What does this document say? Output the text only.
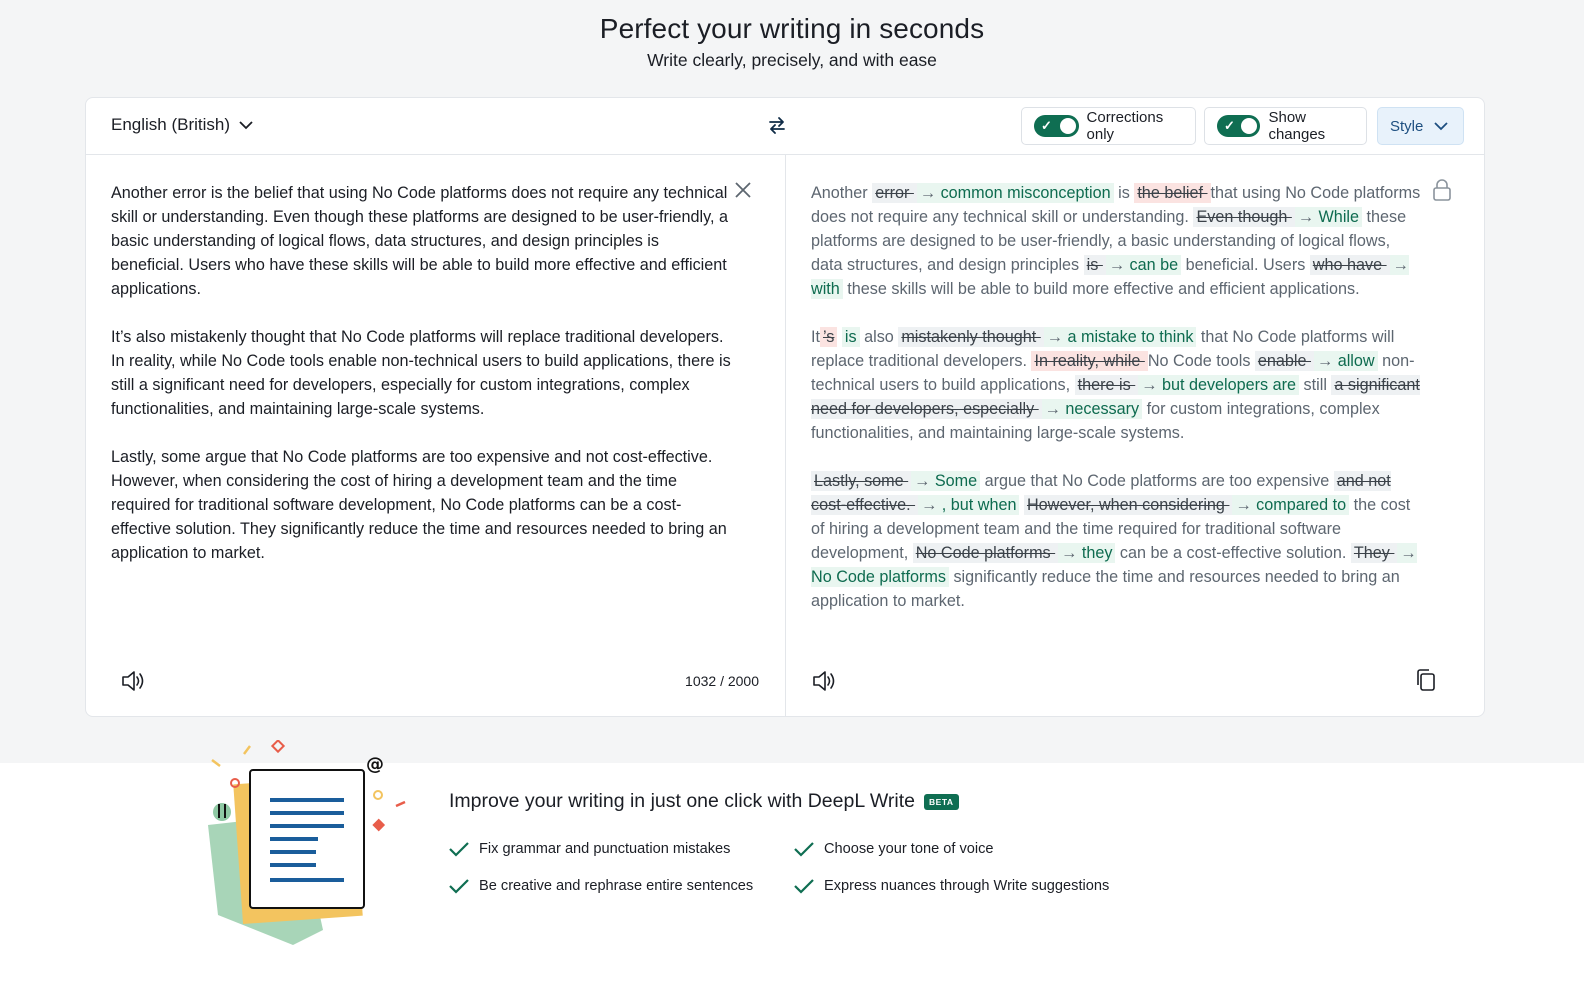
Perfect your writing in seconds
Write clearly, precisely, and with ease
English (British)	✓ Corrections only
✓ Show changes	Style

Another error is the belief that using No Code platforms does not require any technical skill or understanding. Even though these platforms are designed to be user-friendly, a basic understanding of logical flows, data structures, and design principles is beneficial. Users who have these skills will be able to build more effective and efficient applications.

It’s also mistakenly thought that No Code platforms will replace traditional developers. In reality, while No Code tools enable non-technical users to build applications, there is still a significant need for developers, especially for custom integrations, complex functionalities, and maintaining large-scale systems.

Lastly, some argue that No Code platforms are too expensive and not cost-effective. However, when considering the cost of hiring a development team and the time required for traditional software development, No Code platforms can be a cost-effective solution. They significantly reduce the time and resources needed to bring an application to market.

1032 / 2000

Another error → common misconception is the belief that using No Code platforms does not require any technical skill or understanding. Even though → While these platforms are designed to be user-friendly, a basic understanding of logical flows, data structures, and design principles is → can be beneficial. Users who have → with these skills will be able to build more effective and efficient applications.

It ’s is also mistakenly thought → a mistake to think that No Code platforms will replace traditional developers. In reality, while No Code tools enable → allow non-technical users to build applications, there is → but developers are still a significant need for developers, especially → necessary for custom integrations, complex functionalities, and maintaining large-scale systems.

Lastly, some → Some argue that No Code platforms are too expensive and not cost-effective. → , but when However, when considering → compared to the cost of hiring a development team and the time required for traditional software development, No Code platforms → they can be a cost-effective solution. They → No Code platforms significantly reduce the time and resources needed to bring an application to market.

@
Improve your writing in just one click with DeepL Write	BETA
Fix grammar and punctuation mistakes
Be creative and rephrase entire sentences
Choose your tone of voice
Express nuances through Write suggestions
